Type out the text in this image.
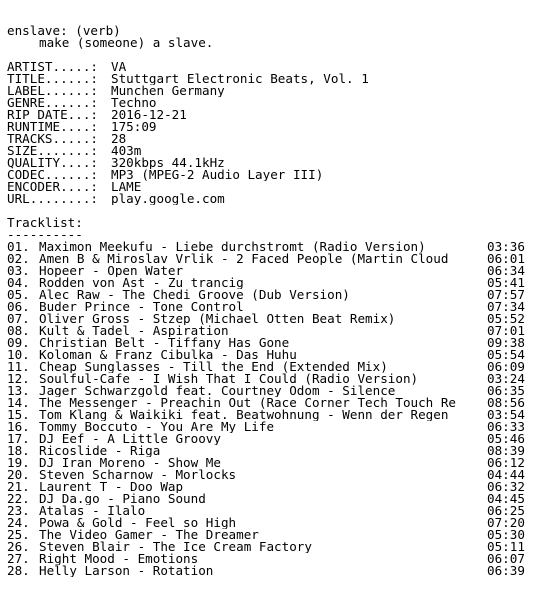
enslave: (verb)
make (someone) a slave.
ARTIST.....:	VA
TITLE......:	Stuttgart Electronic Beats, Vol. 1
LABEL......:	Munchen Germany
GENRE......:	Techno
RIP DATE...:	2016-12-21
RUNTIME....:	175:09
TRACKS.....:	28
SIZE.......:	403m
QUALITY....:	320kbps 44.1kHz
CODEC......:	MP3 (MPEG-2 Audio Layer III)
ENCODER....:	LAME
URL........:	play.google.com
Tracklist:
----------
01. Maximon Meekufu - Liebe durchstromt (Radio Version)	03:36
02. Amen B & Miroslav Vrlik - 2 Faced People (Martin Cloud	06:01
03. Hopeer - Open Water	06:34
04. Rodden von Ast - Zu trancig	05:41
05. Alec Raw - The Chedi Groove (Dub Version)	07:57
06. Buder Prince - Tone Control	07:34
07. Oliver Gross - Stzep (Michael Otten Beat Remix)	05:52
08. Kult & Tadel - Aspiration	07:01
09. Christian Belt - Tiffany Has Gone	09:38
10. Koloman & Franz Cibulka - Das Huhu	05:54
11. Cheap Sunglasses - Till the End (Extended Mix)	06:09
12. Soulful-Cafe - I Wish That I Could (Radio Version)	03:24
13. Jager Schwarzgold feat. Courtney Odom - Silence	06:35
14. The Messenger - Preachin Out (Race Corner Tech Touch Re	08:56
15. Tom Klang & Waikiki feat. Beatwohnung - Wenn der Regen	03:54
16. Tommy Boccuto - You Are My Life	06:33
17. DJ Eef - A Little Groovy	05:46
18. Ricoslide - Riga	08:39
19. DJ Iran Moreno - Show Me	06:12
20. Steven Scharnow - Morlocks	04:44
21. Laurent T - Doo Wap	06:32
22. DJ Da.go - Piano Sound	04:45
23. Atalas - Ilalo	06:25
24. Powa & Gold - Feel so High	07:20
25. The Video Gamer - The Dreamer	05:30
26. Steven Blair - The Ice Cream Factory	05:11
27. Right Mood - Emotions	06:07
28. Helly Larson - Rotation	06:39
